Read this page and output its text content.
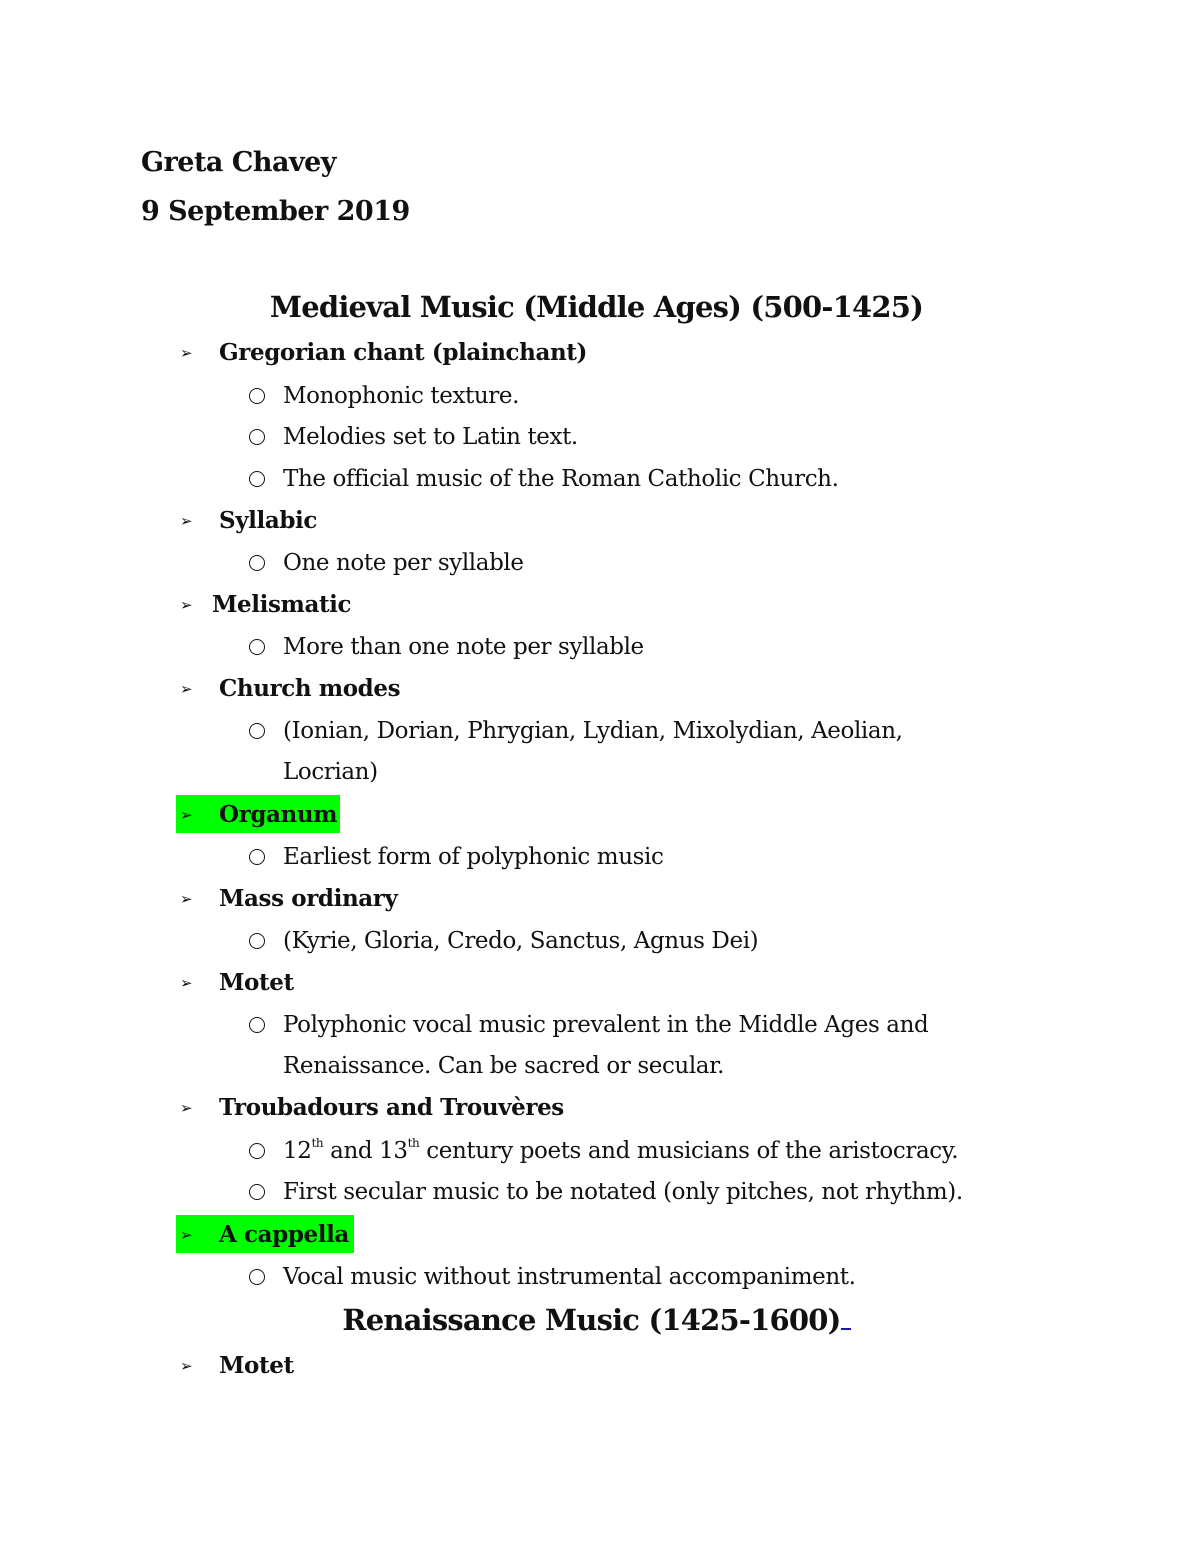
Greta Chavey
9 September 2019
Medieval Music (Middle Ages) (500-1425)
➢ Gregorian chant (plainchant)
Monophonic texture.
Melodies set to Latin text.
The official music of the Roman Catholic Church.
➢ Syllabic
One note per syllable
➢ Melismatic
More than one note per syllable
➢ Church modes
(Ionian, Dorian, Phrygian, Lydian, Mixolydian, Aeolian,
Locrian)
➢ Organum
Earliest form of polyphonic music
➢ Mass ordinary
(Kyrie, Gloria, Credo, Sanctus, Agnus Dei)
➢ Motet
Polyphonic vocal music prevalent in the Middle Ages and
Renaissance. Can be sacred or secular.
➢ Troubadours and Trouvères
12th and 13th century poets and musicians of the aristocracy.
First secular music to be notated (only pitches, not rhythm).
➢ A cappella
Vocal music without instrumental accompaniment.
Renaissance Music (1425-1600)
➢ Motet
